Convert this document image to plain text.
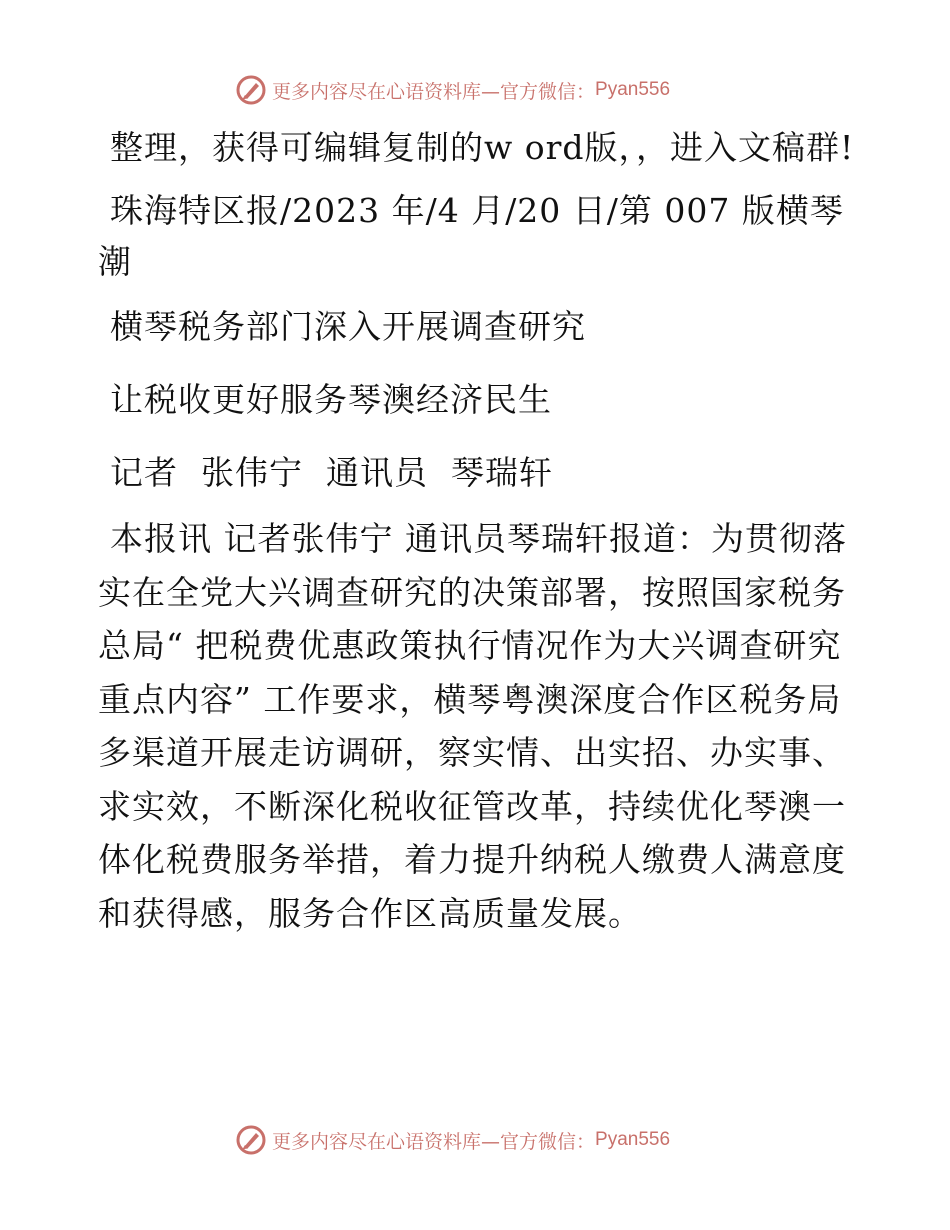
更多内容尽在心语资料库—官方微信： Pyan556

整理，获得可编辑复制的w ord版，，进入文稿群!

珠海特区报/2023 年/4 月/20 日/第 007 版横琴潮

横琴税务部门深入开展调查研究

让税收更好服务琴澳经济民生

记者  张伟宁  通讯员  琴瑞轩

本报讯 记者张伟宁 通讯员琴瑞轩报道：为贯彻落实在全党大兴调查研究的决策部署，按照国家税务总局“ 把税费优惠政策执行情况作为大兴调查研究重点内容” 工作要求，横琴粤澳深度合作区税务局多渠道开展走访调研，察实情、出实招、办实事、求实效，不断深化税收征管改革，持续优化琴澳一体化税费服务举措，着力提升纳税人缴费人满意度和获得感，服务合作区高质量发展。

更多内容尽在心语资料库—官方微信： Pyan556
